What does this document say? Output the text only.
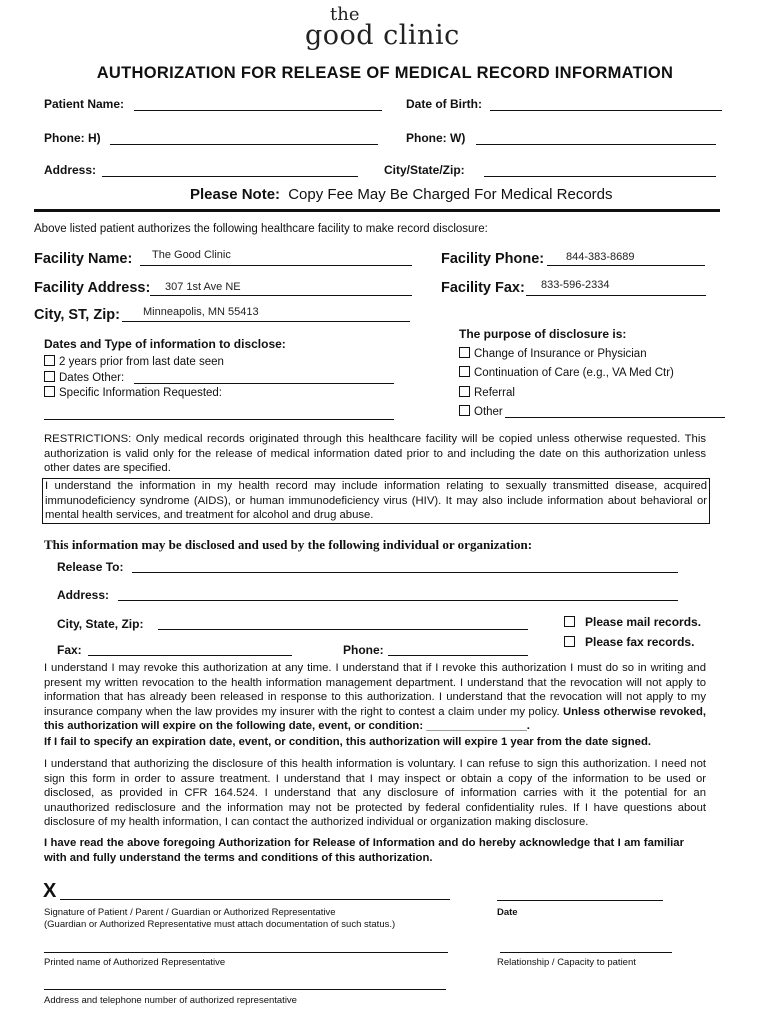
the
good clinic
AUTHORIZATION FOR RELEASE OF MEDICAL RECORD INFORMATION
Patient Name:	Date of Birth:
Phone: H)	Phone: W)
Address:	City/State/Zip:
Please Note: Copy Fee May Be Charged For Medical Records
Above listed patient authorizes the following healthcare facility to make record disclosure:
Facility Name: The Good Clinic	Facility Phone: 844-383-8689
Facility Address: 307 1st Ave NE	Facility Fax: 833-596-2334
City, ST, Zip: Minneapolis, MN 55413
Dates and Type of information to disclose:
2 years prior from last date seen
Dates Other:
Specific Information Requested:
The purpose of disclosure is:
Change of Insurance or Physician
Continuation of Care (e.g., VA Med Ctr)
Referral
Other
RESTRICTIONS: Only medical records originated through this healthcare facility will be copied unless otherwise requested. This authorization is valid only for the release of medical information dated prior to and including the date on this authorization unless other dates are specified.
I understand the information in my health record may include information relating to sexually transmitted disease, acquired immunodeficiency syndrome (AIDS), or human immunodeficiency virus (HIV). It may also include information about behavioral or mental health services, and treatment for alcohol and drug abuse.
This information may be disclosed and used by the following individual or organization:
Release To:
Address:
City, State, Zip:	Please mail records.
Please fax records.
Fax:	Phone:
I understand I may revoke this authorization at any time. I understand that if I revoke this authorization I must do so in writing and present my written revocation to the health information management department. I understand that the revocation will not apply to information that has already been released in response to this authorization. I understand that the revocation will not apply to my insurance company when the law provides my insurer with the right to contest a claim under my policy. Unless otherwise revoked, this authorization will expire on the following date, event, or condition: ________________.
If I fail to specify an expiration date, event, or condition, this authorization will expire 1 year from the date signed.
I understand that authorizing the disclosure of this health information is voluntary. I can refuse to sign this authorization. I need not sign this form in order to assure treatment. I understand that I may inspect or obtain a copy of the information to be used or disclosed, as provided in CFR 164.524. I understand that any disclosure of information carries with it the potential for an unauthorized redisclosure and the information may not be protected by federal confidentiality rules. If I have questions about disclosure of my health information, I can contact the authorized individual or organization making disclosure.
I have read the above foregoing Authorization for Release of Information and do hereby acknowledge that I am familiar with and fully understand the terms and conditions of this authorization.
X
Signature of Patient / Parent / Guardian or Authorized Representative
(Guardian or Authorized Representative must attach documentation of such status.)
Date
Printed name of Authorized Representative	Relationship / Capacity to patient
Address and telephone number of authorized representative
